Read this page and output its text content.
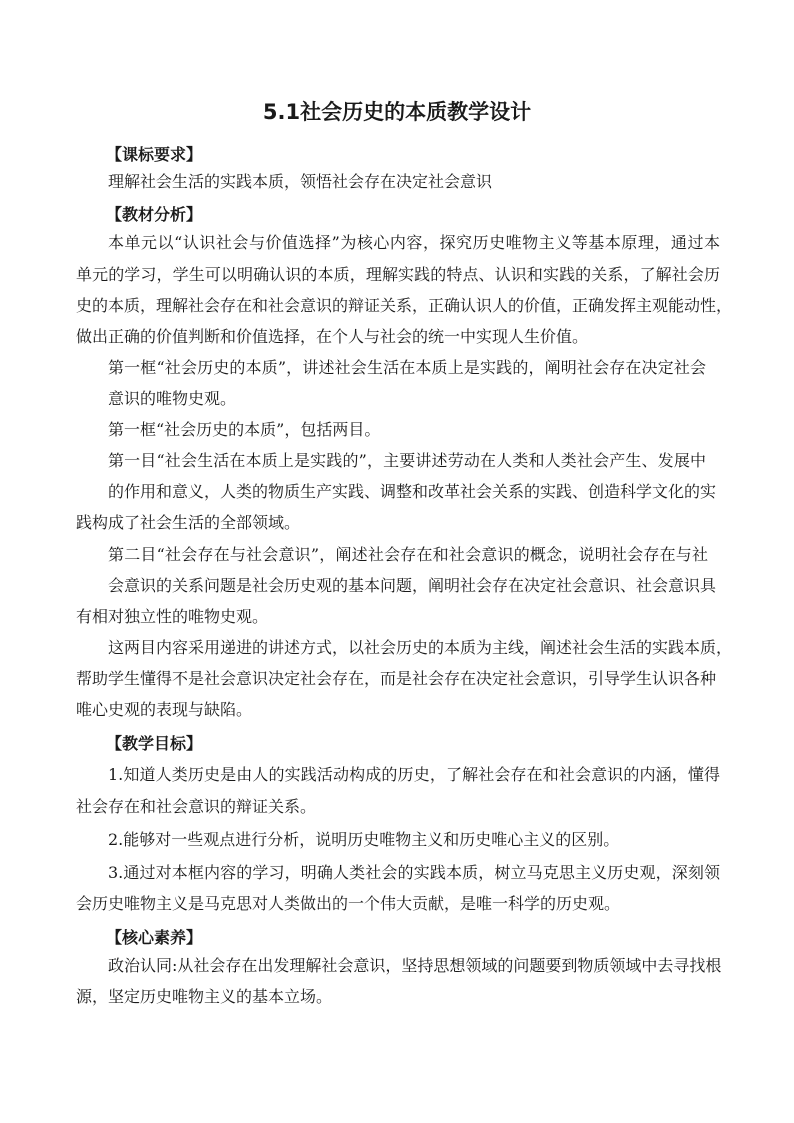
5.1社会历史的本质教学设计
【课标要求】
理解社会生活的实践本质，领悟社会存在决定社会意识
【教材分析】
本单元以“认识社会与价值选择”为核心内容，探究历史唯物主义等基本原理，通过本
单元的学习，学生可以明确认识的本质，理解实践的特点、认识和实践的关系，了解社会历
史的本质，理解社会存在和社会意识的辩证关系，正确认识人的价值，正确发挥主观能动性，
做出正确的价值判断和价值选择，在个人与社会的统一中实现人生价值。
第一框“社会历史的本质”，讲述社会生活在本质上是实践的，阐明社会存在决定社会
意识的唯物史观。
第一框“社会历史的本质”，包括两目。
第一目“社会生活在本质上是实践的”，主要讲述劳动在人类和人类社会产生、发展中
的作用和意义，人类的物质生产实践、调整和改革社会关系的实践、创造科学文化的实
践构成了社会生活的全部领域。
第二目“社会存在与社会意识”，阐述社会存在和社会意识的概念，说明社会存在与社
会意识的关系问题是社会历史观的基本问题，阐明社会存在决定社会意识、社会意识具
有相对独立性的唯物史观。
这两目内容采用递进的讲述方式，以社会历史的本质为主线，阐述社会生活的实践本质，
帮助学生懂得不是社会意识决定社会存在，而是社会存在决定社会意识，引导学生认识各种
唯心史观的表现与缺陷。
【教学目标】
1.知道人类历史是由人的实践活动构成的历史，了解社会存在和社会意识的内涵，懂得
社会存在和社会意识的辩证关系。
2.能够对一些观点进行分析，说明历史唯物主义和历史唯心主义的区别。
3.通过对本框内容的学习，明确人类社会的实践本质，树立马克思主义历史观，深刻领
会历史唯物主义是马克思对人类做出的一个伟大贡献，是唯一科学的历史观。
【核心素养】
政治认同:从社会存在出发理解社会意识，坚持思想领域的问题要到物质领域中去寻找根
源，坚定历史唯物主义的基本立场。
